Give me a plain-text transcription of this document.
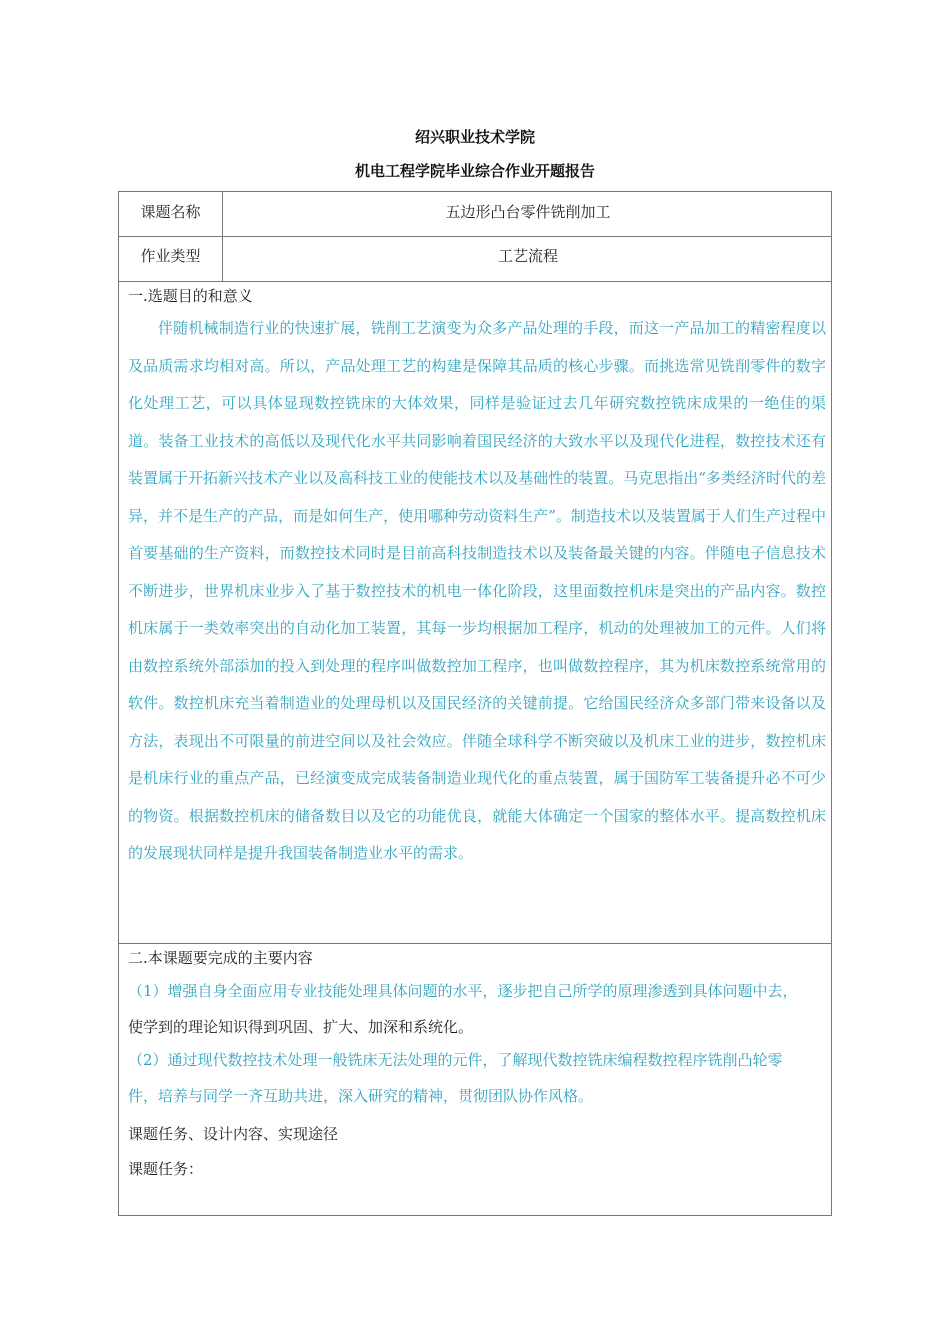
绍兴职业技术学院
机电工程学院毕业综合作业开题报告
课题名称	五边形凸台零件铣削加工
作业类型	工艺流程
一.选题目的和意义

伴随机械制造行业的快速扩展，铣削工艺演变为众多产品处理的手段，而这一产品加工的精密程度以及品质需求均相对高。所以，产品处理工艺的构建是保障其品质的核心步骤。而挑选常见铣削零件的数字化处理工艺，可以具体显现数控铣床的大体效果，同样是验证过去几年研究数控铣床成果的一绝佳的渠道。装备工业技术的高低以及现代化水平共同影响着国民经济的大致水平以及现代化进程，数控技术还有装置属于开拓新兴技术产业以及高科技工业的使能技术以及基础性的装置。马克思指出“多类经济时代的差异，并不是生产的产品，而是如何生产，使用哪种劳动资料生产”。制造技术以及装置属于人们生产过程中首要基础的生产资料，而数控技术同时是目前高科技制造技术以及装备最关键的内容。伴随电子信息技术不断进步，世界机床业步入了基于数控技术的机电一体化阶段，这里面数控机床是突出的产品内容。数控机床属于一类效率突出的自动化加工装置，其每一步均根据加工程序，机动的处理被加工的元件。人们将由数控系统外部添加的投入到处理的程序叫做数控加工程序，也叫做数控程序，其为机床数控系统常用的软件。数控机床充当着制造业的处理母机以及国民经济的关键前提。它给国民经济众多部门带来设备以及方法，表现出不可限量的前进空间以及社会效应。伴随全球科学不断突破以及机床工业的进步，数控机床是机床行业的重点产品，已经演变成完成装备制造业现代化的重点装置，属于国防军工装备提升必不可少的物资。根据数控机床的储备数目以及它的功能优良，就能大体确定一个国家的整体水平。提高数控机床的发展现状同样是提升我国装备制造业水平的需求。

二.本课题要完成的主要内容

（1）增强自身全面应用专业技能处理具体问题的水平，逐步把自己所学的原理渗透到具体问题中去，使学到的理论知识得到巩固、扩大、加深和系统化。

（2）通过现代数控技术处理一般铣床无法处理的元件，了解现代数控铣床编程数控程序铣削凸轮零件，培养与同学一齐互助共进，深入研究的精神，贯彻团队协作风格。

课题任务、设计内容、实现途径
课题任务：
